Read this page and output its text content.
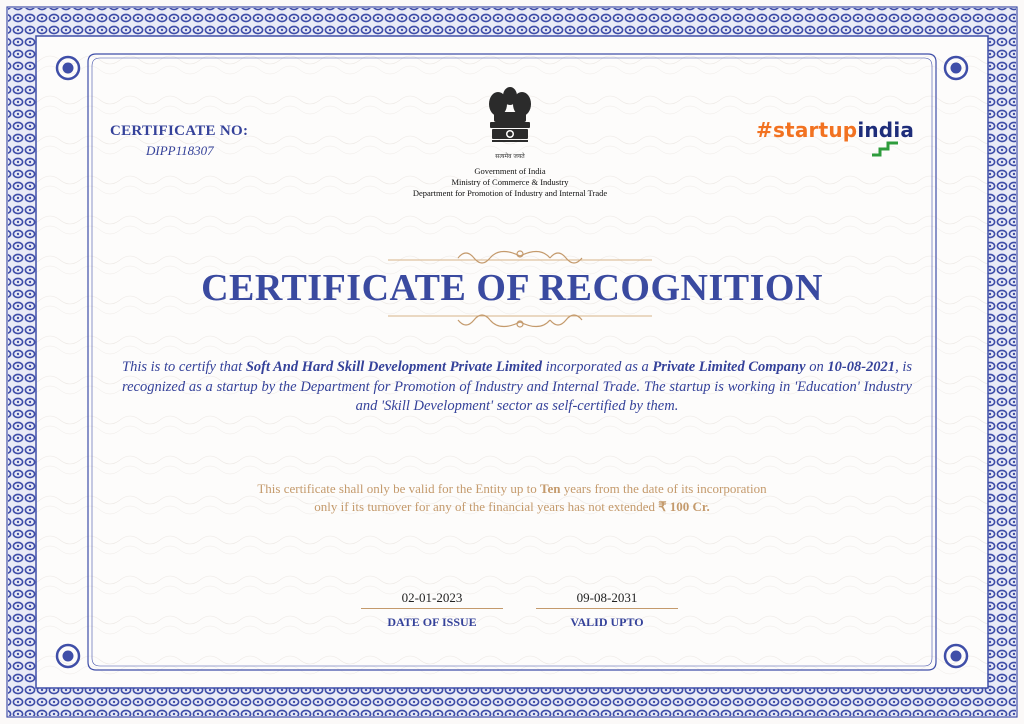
CERTIFICATE NO:
DIPP118307	सत्यमेव जयते
Government of India
Ministry of Commerce & Industry
Department for Promotion of Industry and Internal Trade
#startupindia
CERTIFICATE OF RECOGNITION
This is to certify that Soft And Hard Skill Development Private Limited incorporated as a Private Limited Company on 10-08-2021, is recognized as a startup by the Department for Promotion of Industry and Internal Trade. The startup is working in 'Education' Industry and 'Skill Development' sector as self-certified by them.
This certificate shall only be valid for the Entity up to Ten years from the date of its incorporation
only if its turnover for any of the financial years has not extended ₹ 100 Cr.
02-01-2023
DATE OF ISSUE
09-08-2031
VALID UPTO
